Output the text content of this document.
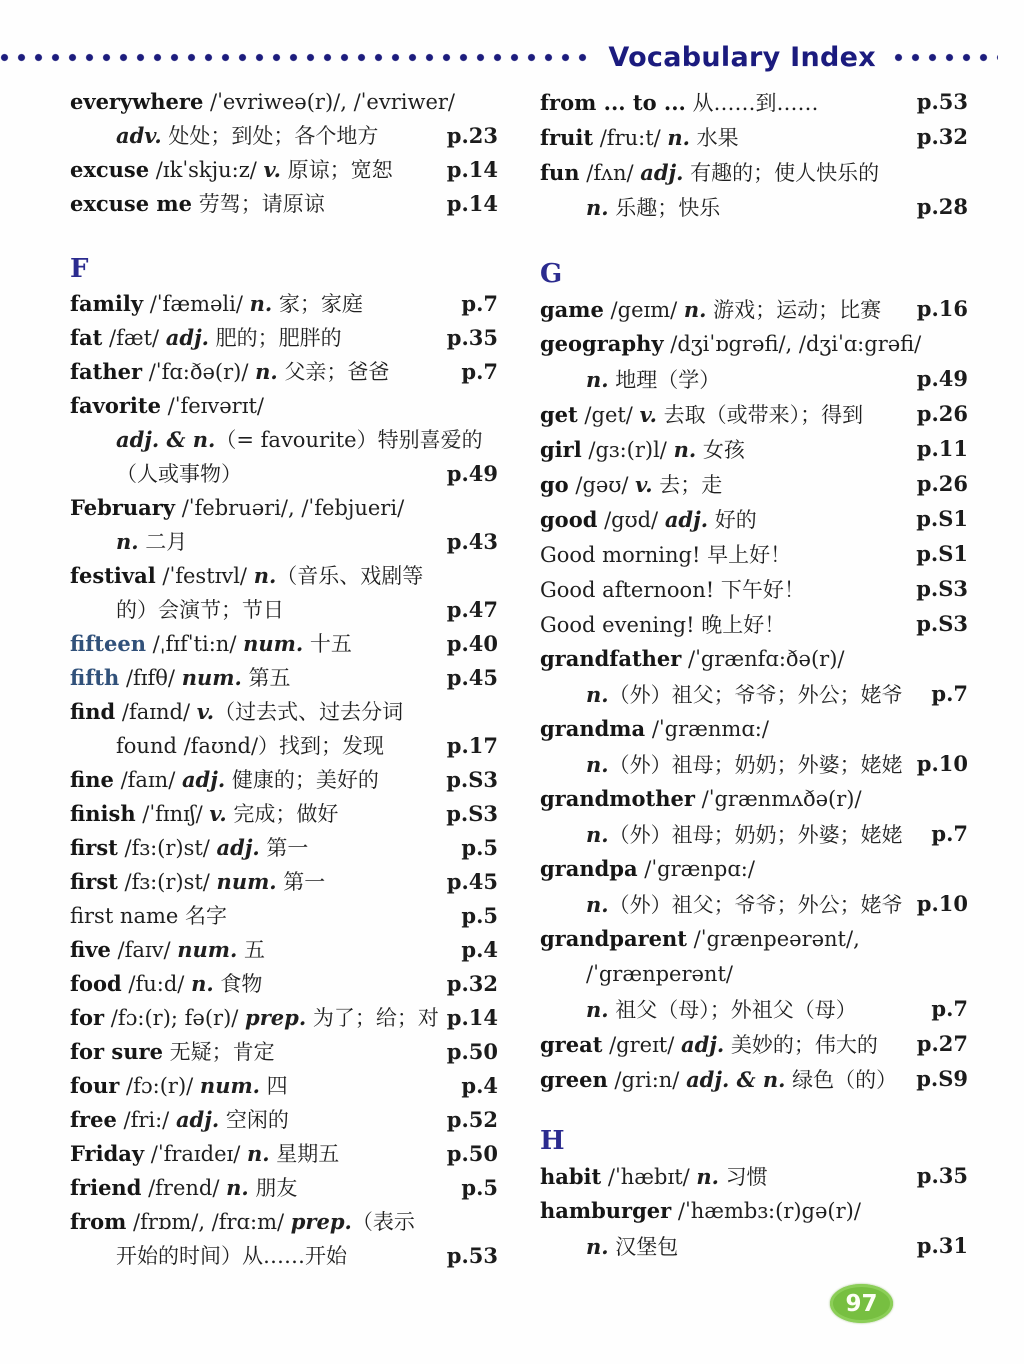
Vocabulary Index
everywhere /ˈevriweə(r)/, /ˈevriwer/
adv. 处处；到处；各个地方	p.23
excuse /ɪkˈskju:z/ v. 原谅；宽恕	p.14
excuse me 劳驾；请原谅	p.14
F
family /ˈfæməli/ n. 家；家庭	p.7
fat /fæt/ adj. 肥的；肥胖的	p.35
father /ˈfɑ:ðə(r)/ n. 父亲；爸爸	p.7
favorite /ˈfeɪvərɪt/
adj. & n.（= favourite）特别喜爱的
（人或事物）	p.49
February /ˈfebruəri/, /ˈfebjueri/
n. 二月	p.43
festival /ˈfestɪvl/ n.（音乐、戏剧等
的）会演节；节日	p.47
fifteen /ˌfɪfˈti:n/ num. 十五	p.40
fifth /fɪfθ/ num. 第五	p.45
find /faɪnd/ v.（过去式、过去分词
found /faʊnd/）找到；发现	p.17
fine /faɪn/ adj. 健康的；美好的	p.S3
finish /ˈfɪnɪʃ/ v. 完成；做好	p.S3
first /fɜ:(r)st/ adj. 第一	p.5
first /fɜ:(r)st/ num. 第一	p.45
first name 名字	p.5
five /faɪv/ num. 五	p.4
food /fu:d/ n. 食物	p.32
for /fɔ:(r); fə(r)/ prep. 为了；给；对 p.14
for sure 无疑；肯定	p.50
four /fɔ:(r)/ num. 四	p.4
free /fri:/ adj. 空闲的	p.52
Friday /ˈfraɪdeɪ/ n. 星期五	p.50
friend /frend/ n. 朋友	p.5
from /frɒm/, /frɑ:m/ prep.（表示
开始的时间）从……开始	p.53
from ... to ... 从……到……	p.53
fruit /fru:t/ n. 水果	p.32
fun /fʌn/ adj. 有趣的；使人快乐的
n. 乐趣；快乐	p.28
G
game /geɪm/ n. 游戏；运动；比赛	p.16
geography /dʒiˈɒgrəfi/, /dʒiˈɑ:grəfi/
n. 地理（学）	p.49
get /get/ v. 去取（或带来）；得到	p.26
girl /gɜ:(r)l/ n. 女孩	p.11
go /gəʊ/ v. 去；走	p.26
good /gʊd/ adj. 好的	p.S1
Good morning! 早上好！	p.S1
Good afternoon! 下午好！	p.S3
Good evening! 晚上好！	p.S3
grandfather /ˈgrænfɑ:ðə(r)/
n.（外）祖父；爷爷；外公；姥爷	p.7
grandma /ˈgrænmɑ:/
n.（外）祖母；奶奶；外婆；姥姥 p.10
grandmother /ˈgrænmʌðə(r)/
n.（外）祖母；奶奶；外婆；姥姥	p.7
grandpa /ˈgrænpɑ:/
n.（外）祖父；爷爷；外公；姥爷 p.10
grandparent /ˈgrænpeərənt/,
/ˈgrænperənt/
n. 祖父（母）；外祖父（母）	p.7
great /greɪt/ adj. 美妙的；伟大的	p.27
green /gri:n/ adj. & n. 绿色（的） p.S9
H
habit /ˈhæbɪt/ n. 习惯	p.35
hamburger /ˈhæmbɜ:(r)gə(r)/
n. 汉堡包	p.31
97
